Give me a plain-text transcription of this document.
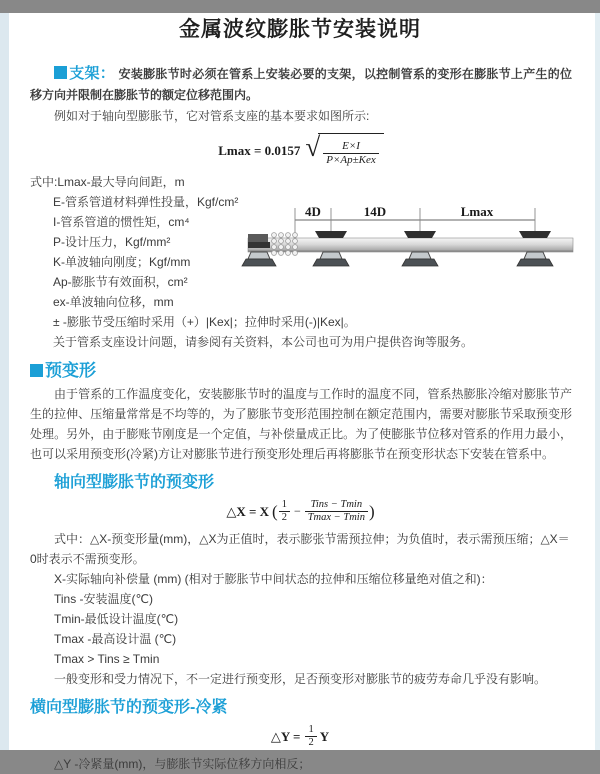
金属波纹膨胀节安装说明

支架： 安装膨胀节时必须在管系上安装必要的支架，以控制管系的变形在膨胀节上产生的位移方向并限制在膨胀节的额定位移范围内。

例如对于轴向型膨胀节，它对管系支座的基本要求如图所示:

Lmax = 0.0157 √ $\frac{E\times I}{\text{P×Ap±Kex}}$
式中:Lmax-最大导向间距，m
E-管系管道材料弹性投量，Kgf/cm²
I-管系管道的惯性矩，cm⁴
P-设计压力，Kgf/mm²
K-单波轴向刚度；Kgf/mm
Ap-膨胀节有效面积，cm²
ex-单波轴向位移，mm
± -膨胀节受压缩时采用（+）|Kex|；拉伸时采用(-)|Kex|。
关于管系支座设计问题，请参阅有关资料，本公司也可为用户提供咨询等服务。
4D	14D	Lmax
预变形

由于管系的工作温度变化，安装膨胀节时的温度与工作时的温度不同，管系热膨胀冷缩对膨胀节产生的拉伸、压缩量常常是不均等的，为了膨胀节变形范围控制在额定范围内，需要对膨胀节采取预变形处理。另外，由于膨账节刚度是一个定值，与补偿量成正比。为了使膨胀节位移对管系的作用力最小，也可以采用预变形(冷紧)方让对膨胀节进行预变形处理后再将膨胀节在预变形状态下安装在管系中。

轴向型膨胀节的预变形
△X = X ( $\frac{1}{2} - \frac{\text{Tins − Tmin}}{Tmax - Tmin}$ )

式中：△X-预变形量(mm)，△X为正值时，表示膨张节需预拉伸；为负值时，表示需预压缩；△X＝0时表示不需预变形。

X-实际轴向补偿量 (mm) (相对于膨胀节中间状态的拉伸和压缩位移量绝对值之和)：

Tins -安装温度(℃)
Tmin-最低设计温度(℃)
Tmax -最高设计温 (℃)
Tmax > Tins ≥ Tmin

一般变形和受力情况下，不一定进行预变形，足否预变形对膨胀节的疲劳寿命几乎没有影响。

横向型膨胀节的预变形-冷紧
△Y = $\frac{1}{2}$ Y

△Y -冷紧量(mm)，与膨胀节实际位移方向相反；
